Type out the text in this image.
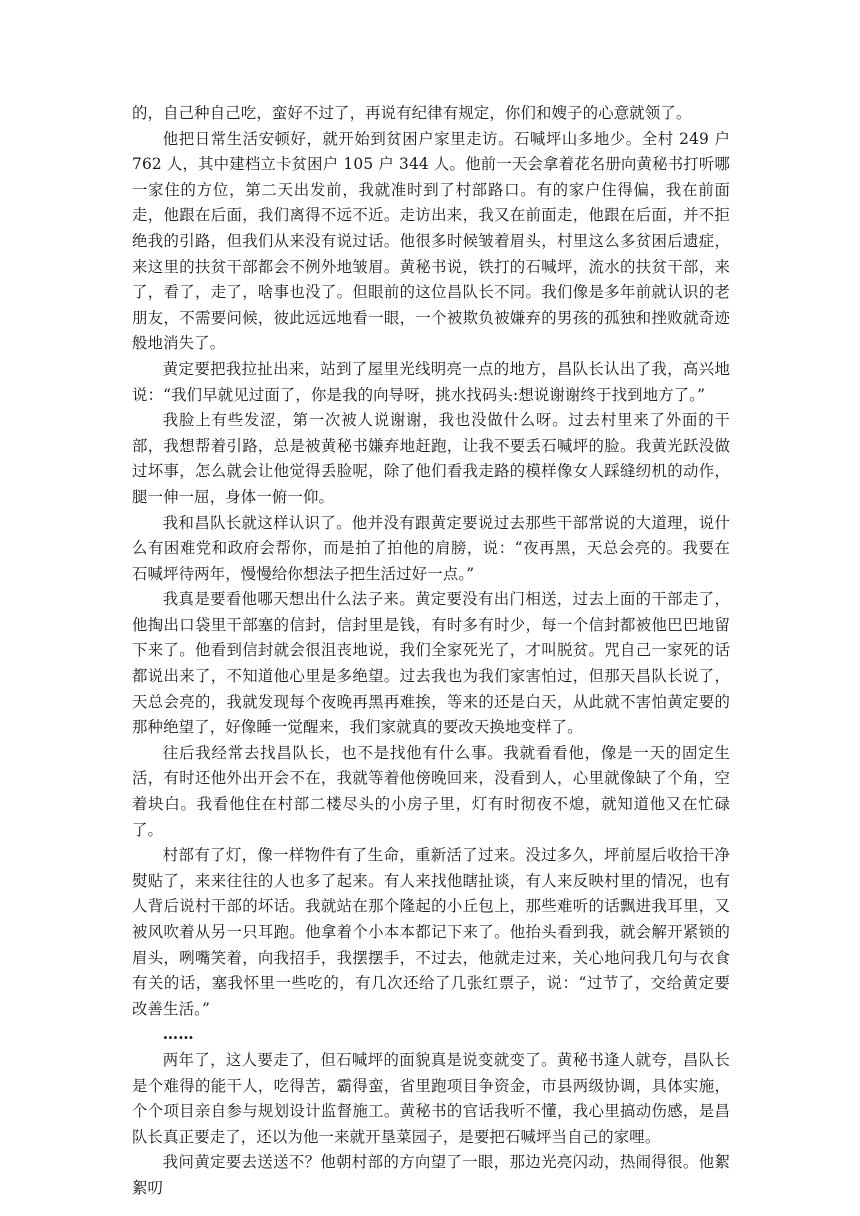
的，自己种自己吃，蛮好不过了，再说有纪律有规定，你们和嫂子的心意就领了。

他把日常生活安顿好，就开始到贫困户家里走访。石喊坪山多地少。全村 249 户 762 人，其中建档立卡贫困户 105 户 344 人。他前一天会拿着花名册向黄秘书打听哪一家住的方位，第二天出发前，我就准时到了村部路口。有的家户住得偏，我在前面走，他跟在后面，我们离得不远不近。走访出来，我又在前面走，他跟在后面，并不拒绝我的引路，但我们从来没有说过话。他很多时候皱着眉头，村里这么多贫困后遗症，来这里的扶贫干部都会不例外地皱眉。黄秘书说，铁打的石喊坪，流水的扶贫干部，来了，看了，走了，啥事也没了。但眼前的这位昌队长不同。我们像是多年前就认识的老朋友，不需要问候，彼此远远地看一眼，一个被欺负被嫌弃的男孩的孤独和挫败就奇迹般地消失了。

黄定要把我拉扯出来，站到了屋里光线明亮一点的地方，昌队长认出了我，高兴地说：“我们早就见过面了，你是我的向导呀，挑水找码头:想说谢谢终于找到地方了。”

我脸上有些发涩，第一次被人说谢谢，我也没做什么呀。过去村里来了外面的干部，我想帮着引路，总是被黄秘书嫌弃地赶跑，让我不要丢石喊坪的脸。我黄光跃没做过坏事，怎么就会让他觉得丢脸呢，除了他们看我走路的模样像女人踩缝纫机的动作，腿一伸一屈，身体一俯一仰。

我和昌队长就这样认识了。他并没有跟黄定要说过去那些干部常说的大道理，说什么有困难党和政府会帮你，而是拍了拍他的肩膀，说：“夜再黑，天总会亮的。我要在石喊坪待两年，慢慢给你想法子把生活过好一点。”

我真是要看他哪天想出什么法子来。黄定要没有出门相送，过去上面的干部走了，他掏出口袋里干部塞的信封，信封里是钱，有时多有时少，每一个信封都被他巴巴地留下来了。他看到信封就会很沮丧地说，我们全家死光了，才叫脱贫。咒自己一家死的话都说出来了，不知道他心里是多绝望。过去我也为我们家害怕过，但那天昌队长说了，天总会亮的，我就发现每个夜晚再黑再难挨，等来的还是白天，从此就不害怕黄定要的那种绝望了，好像睡一觉醒来，我们家就真的要改天换地变样了。

往后我经常去找昌队长，也不是找他有什么事。我就看看他，像是一天的固定生活，有时还他外出开会不在，我就等着他傍晚回来，没看到人，心里就像缺了个角，空着块白。我看他住在村部二楼尽头的小房子里，灯有时彻夜不熄，就知道他又在忙碌了。

村部有了灯，像一样物件有了生命，重新活了过来。没过多久，坪前屋后收拾干净熨贴了，来来往往的人也多了起来。有人来找他瞎扯谈，有人来反映村里的情况，也有人背后说村干部的坏话。我就站在那个隆起的小丘包上，那些难听的话飘进我耳里，又被风吹着从另一只耳跑。他拿着个小本本都记下来了。他抬头看到我，就会解开紧锁的眉头，咧嘴笑着，向我招手，我摆摆手，不过去，他就走过来，关心地问我几句与衣食有关的话，塞我怀里一些吃的，有几次还给了几张红票子，说：“过节了，交给黄定要改善生活。”

……

两年了，这人要走了，但石喊坪的面貌真是说变就变了。黄秘书逢人就夸，昌队长是个难得的能干人，吃得苦，霸得蛮，省里跑项目争资金，市县两级协调，具体实施，个个项目亲自参与规划设计监督施工。黄秘书的官话我听不懂，我心里搞动伤感，是昌队长真正要走了，还以为他一来就开垦菜园子，是要把石喊坪当自己的家哩。

我问黄定要去送送不？他朝村部的方向望了一眼，那边光亮闪动，热闹得很。他絮絮叨
